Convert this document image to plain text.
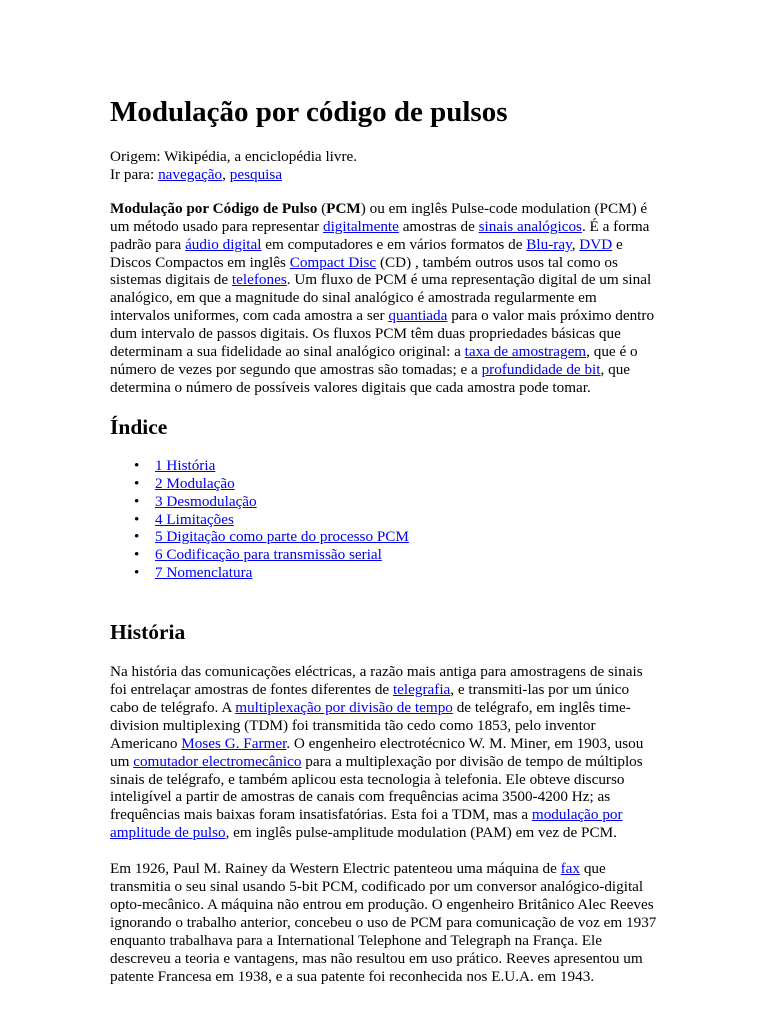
Modulação por código de pulsos
Origem: Wikipédia, a enciclopédia livre.
Ir para: navegação, pesquisa

Modulação por Código de Pulso (PCM) ou em inglês Pulse-code modulation (PCM) é um método usado para representar digitalmente amostras de sinais analógicos. É a forma padrão para áudio digital em computadores e em vários formatos de Blu-ray, DVD e Discos Compactos em inglês Compact Disc (CD) , também outros usos tal como os sistemas digitais de telefones. Um fluxo de PCM é uma representação digital de um sinal analógico, em que a magnitude do sinal analógico é amostrada regularmente em intervalos uniformes, com cada amostra a ser quantiada para o valor mais próximo dentro dum intervalo de passos digitais. Os fluxos PCM têm duas propriedades básicas que determinam a sua fidelidade ao sinal analógico original: a taxa de amostragem, que é o número de vezes por segundo que amostras são tomadas; e a profundidade de bit, que determina o número de possíveis valores digitais que cada amostra pode tomar.

Índice
• 1 História
• 2 Modulação
• 3 Desmodulação
• 4 Limitações
• 5 Digitação como parte do processo PCM
• 6 Codificação para transmissão serial
• 7 Nomenclatura
História

Na história das comunicações eléctricas, a razão mais antiga para amostragens de sinais foi entrelaçar amostras de fontes diferentes de telegrafia, e transmiti-las por um único cabo de telégrafo. A multiplexação por divisão de tempo de telégrafo, em inglês time-division multiplexing (TDM) foi transmitida tão cedo como 1853, pelo inventor Americano Moses G. Farmer. O engenheiro electrotécnico W. M. Miner, em 1903, usou um comutador electromecânico para a multiplexação por divisão de tempo de múltiplos sinais de telégrafo, e também aplicou esta tecnologia à telefonia. Ele obteve discurso inteligível a partir de amostras de canais com frequências acima 3500-4200 Hz; as frequências mais baixas foram insatisfatórias. Esta foi a TDM, mas a modulação por amplitude de pulso, em inglês pulse-amplitude modulation (PAM) em vez de PCM.

Em 1926, Paul M. Rainey da Western Electric patenteou uma máquina de fax que transmitia o seu sinal usando 5-bit PCM, codificado por um conversor analógico-digital opto-mecânico. A máquina não entrou em produção. O engenheiro Britânico Alec Reeves ignorando o trabalho anterior, concebeu o uso de PCM para comunicação de voz em 1937 enquanto trabalhava para a International Telephone and Telegraph na França. Ele descreveu a teoria e vantagens, mas não resultou em uso prático. Reeves apresentou um patente Francesa em 1938, e a sua patente foi reconhecida nos E.U.A. em 1943.
